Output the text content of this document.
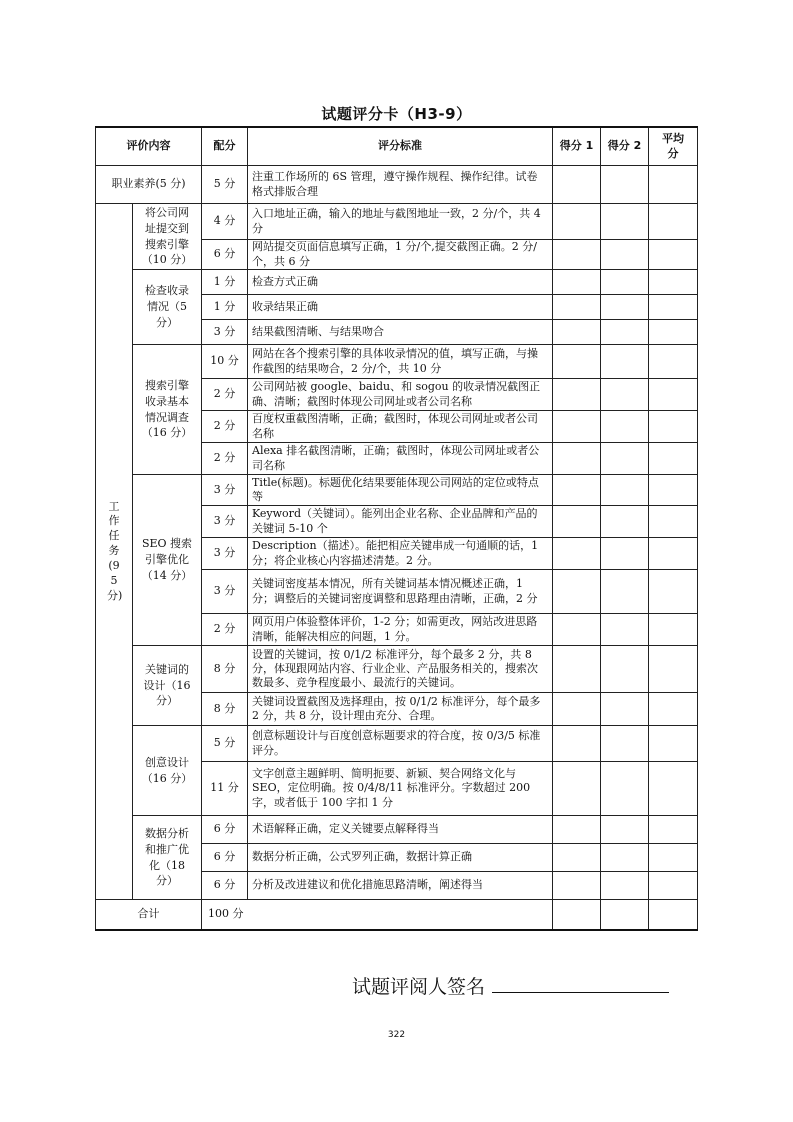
试题评分卡（H3-9）
评价内容		配分	评分标准	得分 1	得分 2	平均分

职业素养(5 分)		5 分	注重工作场所的 6S 管理，遵守操作规程、操作纪律。试卷格式排版合理			

工作任务(95分)	将公司网址提交到搜索引擎（10 分）	4 分	入口地址正确，输入的地址与截图地址一致，2 分/个，共 4 分			
		6 分	网站提交页面信息填写正确，1 分/个,提交截图正确。2 分/个，共 6 分			

	检查收录情况（5 分）	1 分	检查方式正确			
		1 分	收录结果正确			
		3 分	结果截图清晰、与结果吻合			

	搜索引擎收录基本情况调查（16 分）	10 分	网站在各个搜索引擎的具体收录情况的值，填写正确，与操作截图的结果吻合，2 分/个，共 10 分			
		2 分	公司网站被 google、baidu、和 sogou 的收录情况截图正确、清晰；截图时体现公司网址或者公司名称			
		2 分	百度权重截图清晰，正确；截图时，体现公司网址或者公司名称			
		2 分	Alexa 排名截图清晰，正确；截图时，体现公司网址或者公司名称			

	SEO 搜索引擎优化（14 分）	3 分	Title(标题)。标题优化结果要能体现公司网站的定位或特点等			
		3 分	Keyword（关键词）。能列出企业名称、企业品牌和产品的关键词 5-10 个			
		3 分	Description（描述）。能把相应关键串成一句通顺的话，1 分；将企业核心内容描述清楚。2 分。			
		3 分	关键词密度基本情况，所有关键词基本情况概述正确，1 分；调整后的关键词密度调整和思路理由清晰，正确，2 分			
		2 分	网页用户体验整体评价，1-2 分；如需更改，网站改进思路清晰，能解决相应的问题，1 分。			

	关键词的设计（16 分）	8 分	设置的关键词，按 0/1/2 标准评分，每个最多 2 分，共 8 分，体现跟网站内容、行业企业、产品服务相关的，搜索次数最多、竞争程度最小、最流行的关键词。			
		8 分	关键词设置截图及选择理由，按 0/1/2 标准评分，每个最多 2 分，共 8 分，设计理由充分、合理。			

	创意设计（16 分）	5 分	创意标题设计与百度创意标题要求的符合度，按 0/3/5 标准评分。			
		11 分	文字创意主题鲜明、简明扼要、新颖、契合网络文化与 SEO，定位明确。按 0/4/8/11 标准评分。字数超过 200 字，或者低于 100 字扣 1 分			

	数据分析和推广优化（18 分）	6 分	术语解释正确，定义关键要点解释得当			
		6 分	数据分析正确，公式罗列正确，数据计算正确			
		6 分	分析及改进建议和优化措施思路清晰，阐述得当			
合计		100 分				
试题评阅人签名
322
